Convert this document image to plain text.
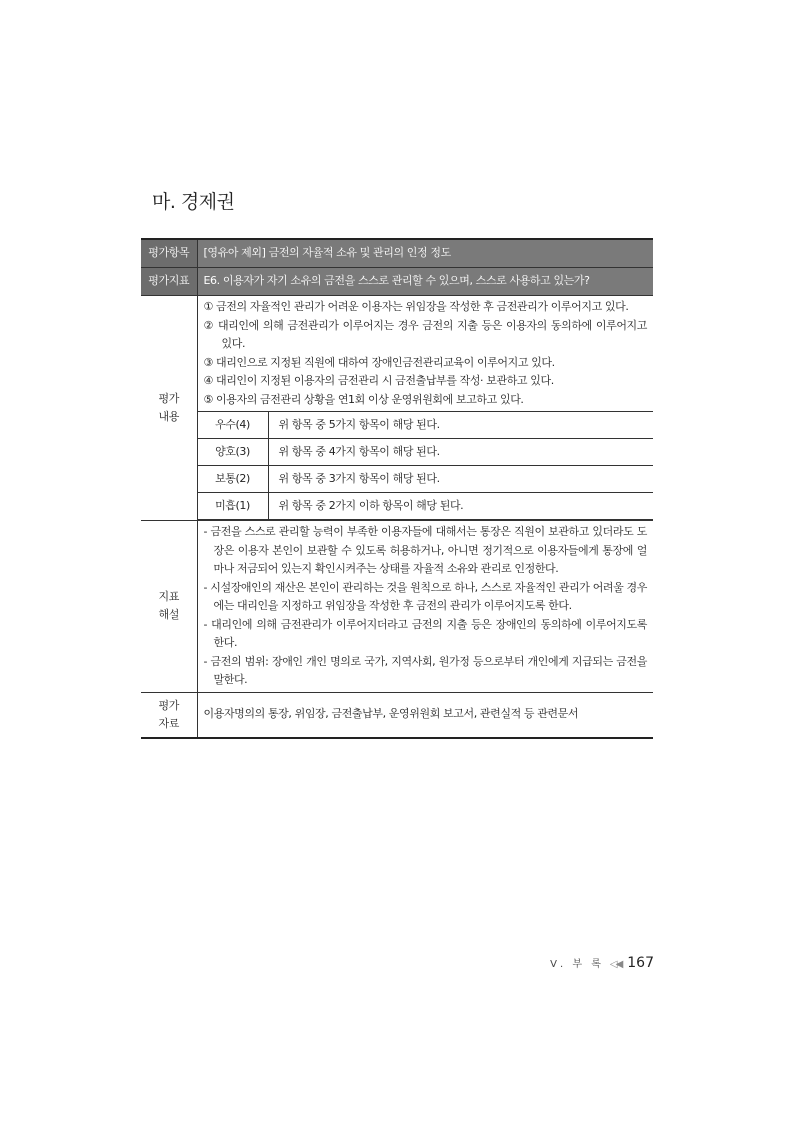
마. 경제권
평가항목	[영유아 제외] 금전의 자율적 소유 및 관리의 인정 정도
평가지표	E6. 이용자가 자기 소유의 금전을 스스로 관리할 수 있으며, 스스로 사용하고 있는가?

평가
내용

① 금전의 자율적인 관리가 어려운 이용자는 위임장을 작성한 후 금전관리가 이루어지고 있다.
② 대리인에 의해 금전관리가 이루어지는 경우 금전의 지출 등은 이용자의 동의하에 이루어지고 있다.
③ 대리인으로 지정된 직원에 대하여 장애인금전관리교육이 이루어지고 있다.
④ 대리인이 지정된 이용자의 금전관리 시 금전출납부를 작성· 보관하고 있다.
⑤ 이용자의 금전관리 상황을 연1회 이상 운영위원회에 보고하고 있다.
우수(4)	위 항목 중 5가지 항목이 해당 된다.
양호(3)	위 항목 중 4가지 항목이 해당 된다.
보통(2)	위 항목 중 3가지 항목이 해당 된다.
미흡(1)	위 항목 중 2가지 이하 항목이 해당 된다.

지표
해설

- 금전을 스스로 관리할 능력이 부족한 이용자들에 대해서는 통장은 직원이 보관하고 있더라도 도장은 이용자 본인이 보관할 수 있도록 허용하거나, 아니면 정기적으로 이용자들에게 통장에 얼마나 저금되어 있는지 확인시켜주는 상태를 자율적 소유와 관리로 인정한다.
- 시설장애인의 재산은 본인이 관리하는 것을 원칙으로 하나, 스스로 자율적인 관리가 어려울 경우에는 대리인을 지정하고 위임장을 작성한 후 금전의 관리가 이루어지도록 한다.
- 대리인에 의해 금전관리가 이루어지더라고 금전의 지출 등은 장애인의 동의하에 이루어지도록 한다.
- 금전의 범위: 장애인 개인 명의로 국가, 지역사회, 원가정 등으로부터 개인에게 지급되는 금전을 말한다.

평가
자료
	이용자명의의 통장, 위임장, 금전출납부, 운영위원회 보고서, 관련실적 등 관련문서
Ⅴ. 부 록 ◁◀ 167
